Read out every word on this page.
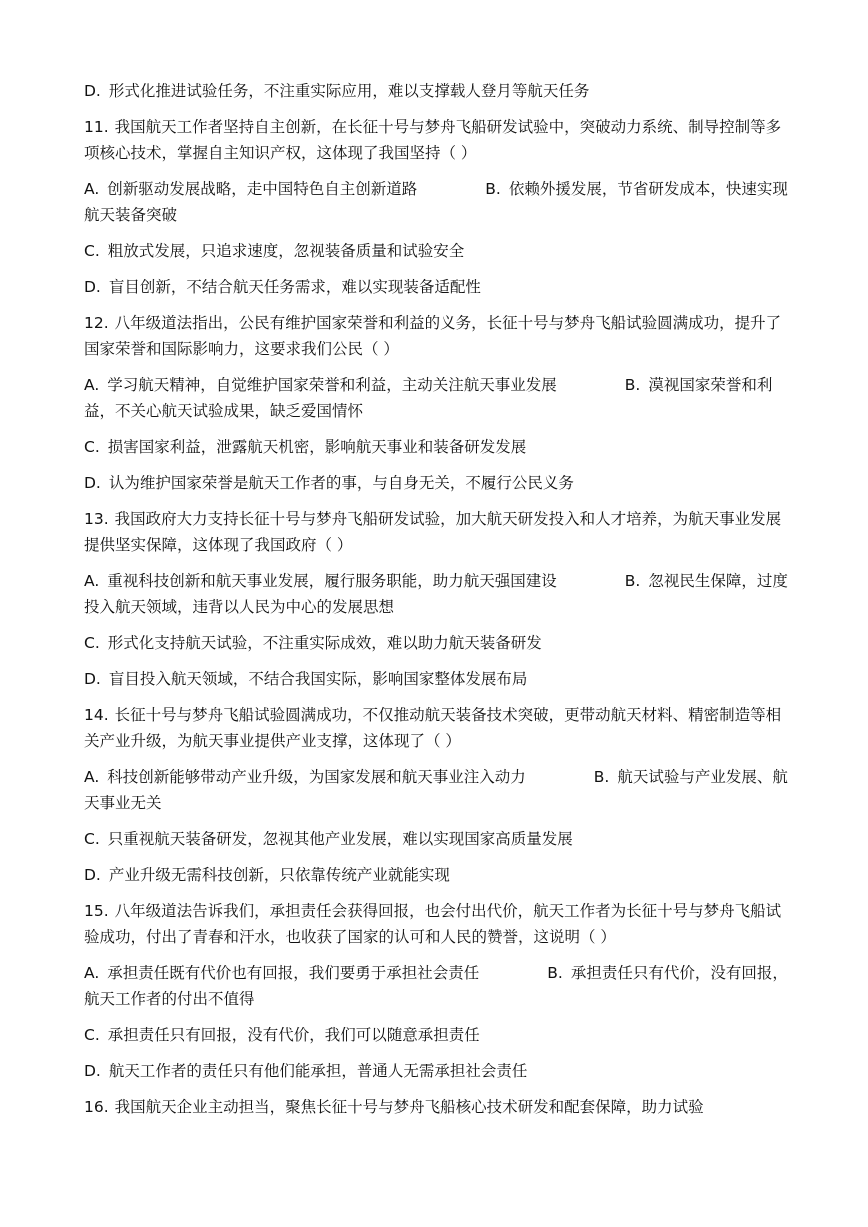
D. 形式化推进试验任务，不注重实际应用，难以支撑载人登月等航天任务
11. 我国航天工作者坚持自主创新，在长征十号与梦舟飞船研发试验中，突破动力系统、制导控制等多项核心技术，掌握自主知识产权，这体现了我国坚持（ ）
A. 创新驱动发展战略，走中国特色自主创新道路	B. 依赖外援发展，节省研发成本，快速实现航天装备突破
C. 粗放式发展，只追求速度，忽视装备质量和试验安全
D. 盲目创新，不结合航天任务需求，难以实现装备适配性
12. 八年级道法指出，公民有维护国家荣誉和利益的义务，长征十号与梦舟飞船试验圆满成功，提升了国家荣誉和国际影响力，这要求我们公民（ ）
A. 学习航天精神，自觉维护国家荣誉和利益，主动关注航天事业发展	B. 漠视国家荣誉和利益，不关心航天试验成果，缺乏爱国情怀
C. 损害国家利益，泄露航天机密，影响航天事业和装备研发发展
D. 认为维护国家荣誉是航天工作者的事，与自身无关，不履行公民义务
13. 我国政府大力支持长征十号与梦舟飞船研发试验，加大航天研发投入和人才培养，为航天事业发展提供坚实保障，这体现了我国政府（ ）
A. 重视科技创新和航天事业发展，履行服务职能，助力航天强国建设	B. 忽视民生保障，过度投入航天领域，违背以人民为中心的发展思想
C. 形式化支持航天试验，不注重实际成效，难以助力航天装备研发
D. 盲目投入航天领域，不结合我国实际，影响国家整体发展布局
14. 长征十号与梦舟飞船试验圆满成功，不仅推动航天装备技术突破，更带动航天材料、精密制造等相关产业升级，为航天事业提供产业支撑，这体现了（ ）
A. 科技创新能够带动产业升级，为国家发展和航天事业注入动力	B. 航天试验与产业发展、航天事业无关
C. 只重视航天装备研发，忽视其他产业发展，难以实现国家高质量发展
D. 产业升级无需科技创新，只依靠传统产业就能实现
15. 八年级道法告诉我们，承担责任会获得回报，也会付出代价，航天工作者为长征十号与梦舟飞船试验成功，付出了青春和汗水，也收获了国家的认可和人民的赞誉，这说明（ ）
A. 承担责任既有代价也有回报，我们要勇于承担社会责任	B. 承担责任只有代价，没有回报，航天工作者的付出不值得
C. 承担责任只有回报，没有代价，我们可以随意承担责任
D. 航天工作者的责任只有他们能承担，普通人无需承担社会责任
16. 我国航天企业主动担当，聚焦长征十号与梦舟飞船核心技术研发和配套保障，助力试验
